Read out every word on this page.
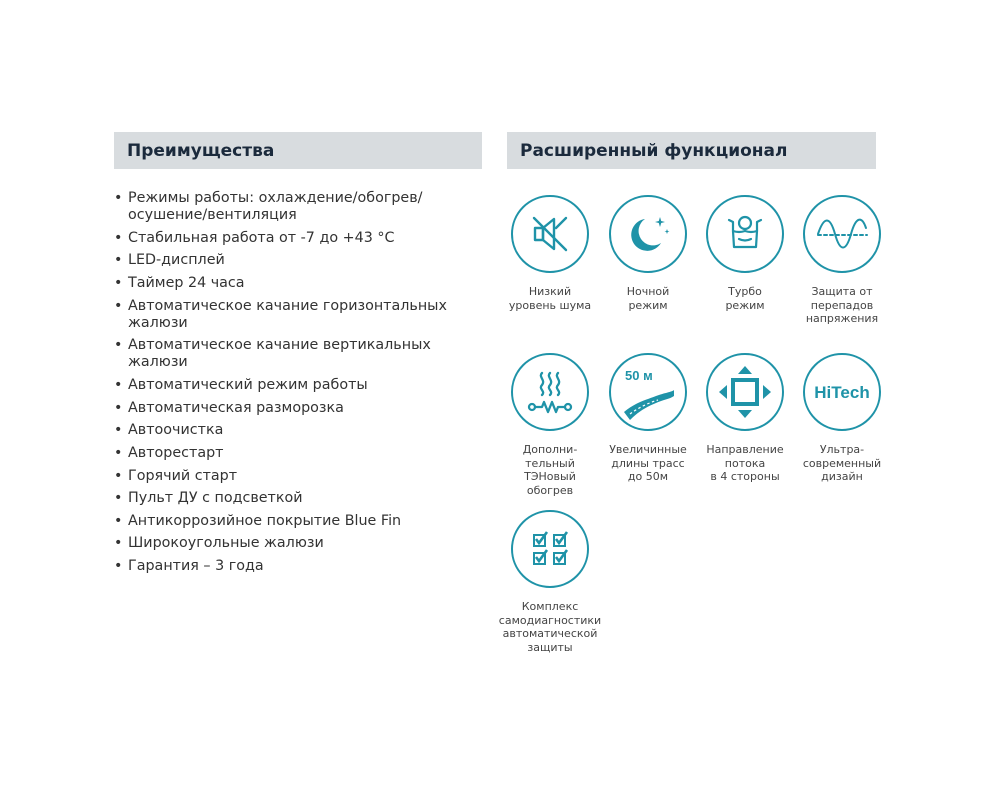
Преимущества	Расширенный функционал
• Режимы работы: охлаждение/обогрев/ осушение/вентиляция
• Стабильная работа от -7 до +43 °С
• LED-дисплей
• Таймер 24 часа
• Автоматическое качание горизонтальных жалюзи
• Автоматическое качание вертикальных жалюзи
• Автоматический режим работы
• Автоматическая разморозка
• Автоочистка
• Авторестарт
• Горячий старт
• Пульт ДУ с подсветкой
• Антикоррозийное покрытие Blue Fin
• Широкоугольные жалюзи
• Гарантия – 3 года
Низкий
уровень шума
Ночной
режим
Турбо
режим
Защита от
перепадов
напряжения
Дополни-
тельный
ТЭНовый
обогрев
50 м
Увеличинные
длины трасс
до 50м
Направление
потока
в 4 стороны
HiTech
Ультра-
современный
дизайн
Комплекс
самодиагностики
автоматической
защиты
